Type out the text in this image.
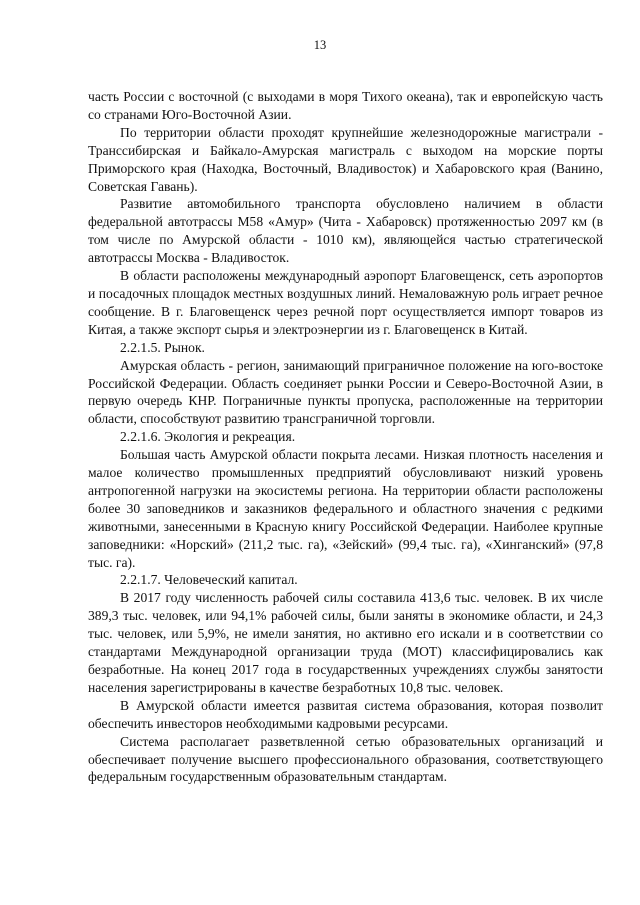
13

часть России с восточной (с выходами в моря Тихого океана), так и европейскую часть со странами Юго-Восточной Азии.

По территории области проходят крупнейшие железнодорожные магистрали - Транссибирская и Байкало-Амурская магистраль с выходом на морские порты Приморского края (Находка, Восточный, Владивосток) и Хабаровского края (Ванино, Советская Гавань).

Развитие автомобильного транспорта обусловлено наличием в области федеральной автотрассы М58 «Амур» (Чита - Хабаровск) протяженностью 2097 км (в том числе по Амурской области - 1010 км), являющейся частью стратегической автотрассы Москва - Владивосток.

В области расположены международный аэропорт Благовещенск, сеть аэропортов и посадочных площадок местных воздушных линий. Немаловажную роль играет речное сообщение. В г. Благовещенск через речной порт осуществляется импорт товаров из Китая, а также экспорт сырья и электроэнергии из г. Благовещенск в Китай.

2.2.1.5. Рынок.

Амурская область - регион, занимающий приграничное положение на юго-востоке Российской Федерации. Область соединяет рынки России и Северо-Восточной Азии, в первую очередь КНР. Пограничные пункты пропуска, расположенные на территории области, способствуют развитию трансграничной торговли.

2.2.1.6. Экология и рекреация.

Большая часть Амурской области покрыта лесами. Низкая плотность населения и малое количество промышленных предприятий обусловливают низкий уровень антропогенной нагрузки на экосистемы региона. На территории области расположены более 30 заповедников и заказников федерального и областного значения с редкими животными, занесенными в Красную книгу Российской Федерации. Наиболее крупные заповедники: «Норский» (211,2 тыс. га), «Зейский» (99,4 тыс. га), «Хинганский» (97,8 тыс. га).

2.2.1.7. Человеческий капитал.

В 2017 году численность рабочей силы составила 413,6 тыс. человек. В их числе 389,3 тыс. человек, или 94,1% рабочей силы, были заняты в экономике области, и 24,3 тыс. человек, или 5,9%, не имели занятия, но активно его искали и в соответствии со стандартами Международной организации труда (МОТ) классифицировались как безработные. На конец 2017 года в государственных учреждениях службы занятости населения зарегистрированы в качестве безработных 10,8 тыс. человек.

В Амурской области имеется развитая система образования, которая позволит обеспечить инвесторов необходимыми кадровыми ресурсами.

Система располагает разветвленной сетью образовательных организаций и обеспечивает получение высшего профессионального образования, соответствующего федеральным государственным образовательным стандартам.
